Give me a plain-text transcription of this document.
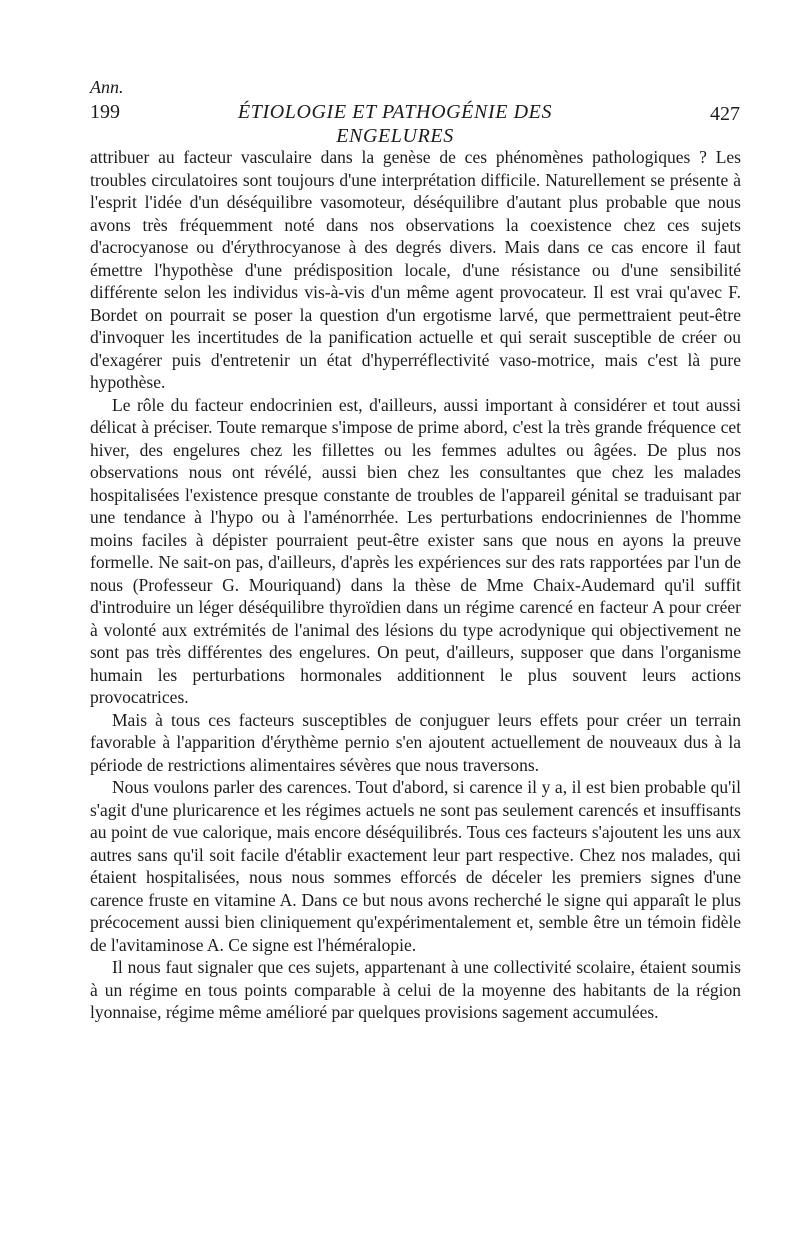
Ann.
199	ÉTIOLOGIE ET PATHOGÉNIE DES ENGELURES
427

attribuer au facteur vasculaire dans la genèse de ces phénomènes pathologiques ? Les troubles circulatoires sont toujours d'une interprétation difficile. Naturellement se présente à l'esprit l'idée d'un déséquilibre vasomoteur, déséquilibre d'autant plus probable que nous avons très fréquemment noté dans nos observations la coexistence chez ces sujets d'acrocyanose ou d'érythrocyanose à des degrés divers. Mais dans ce cas encore il faut émettre l'hypothèse d'une prédisposition locale, d'une résistance ou d'une sensibilité différente selon les individus vis-à-vis d'un même agent provocateur. Il est vrai qu'avec F. Bordet on pourrait se poser la question d'un ergotisme larvé, que permettraient peut-être d'invoquer les incertitudes de la panification actuelle et qui serait susceptible de créer ou d'exagérer puis d'entretenir un état d'hyperréflectivité vaso-motrice, mais c'est là pure hypothèse.

Le rôle du facteur endocrinien est, d'ailleurs, aussi important à considérer et tout aussi délicat à préciser. Toute remarque s'impose de prime abord, c'est la très grande fréquence cet hiver, des engelures chez les fillettes ou les femmes adultes ou âgées. De plus nos observations nous ont révélé, aussi bien chez les consultantes que chez les malades hospitalisées l'existence presque constante de troubles de l'appareil génital se traduisant par une tendance à l'hypo ou à l'aménorrhée. Les perturbations endocriniennes de l'homme moins faciles à dépister pourraient peut-être exister sans que nous en ayons la preuve formelle. Ne sait-on pas, d'ailleurs, d'après les expériences sur des rats rapportées par l'un de nous (Professeur G. Mouriquand) dans la thèse de Mme Chaix-Audemard qu'il suffit d'introduire un léger déséquilibre thyroïdien dans un régime carencé en facteur A pour créer à volonté aux extrémités de l'animal des lésions du type acrodynique qui objectivement ne sont pas très différentes des engelures. On peut, d'ailleurs, supposer que dans l'organisme humain les perturbations hormonales additionnent le plus souvent leurs actions provocatrices.

Mais à tous ces facteurs susceptibles de conjuguer leurs effets pour créer un terrain favorable à l'apparition d'érythème pernio s'en ajoutent actuellement de nouveaux dus à la période de restrictions alimentaires sévères que nous traversons.

Nous voulons parler des carences. Tout d'abord, si carence il y a, il est bien probable qu'il s'agit d'une pluricarence et les régimes actuels ne sont pas seulement carencés et insuffisants au point de vue calorique, mais encore déséquilibrés. Tous ces facteurs s'ajoutent les uns aux autres sans qu'il soit facile d'établir exactement leur part respective. Chez nos malades, qui étaient hospitalisées, nous nous sommes efforcés de déceler les premiers signes d'une carence fruste en vitamine A. Dans ce but nous avons recherché le signe qui apparaît le plus précocement aussi bien cliniquement qu'expérimentalement et, semble être un témoin fidèle de l'avitaminose A. Ce signe est l'héméralopie.

Il nous faut signaler que ces sujets, appartenant à une collectivité scolaire, étaient soumis à un régime en tous points comparable à celui de la moyenne des habitants de la région lyonnaise, régime même amélioré par quelques provisions sagement accumulées.
